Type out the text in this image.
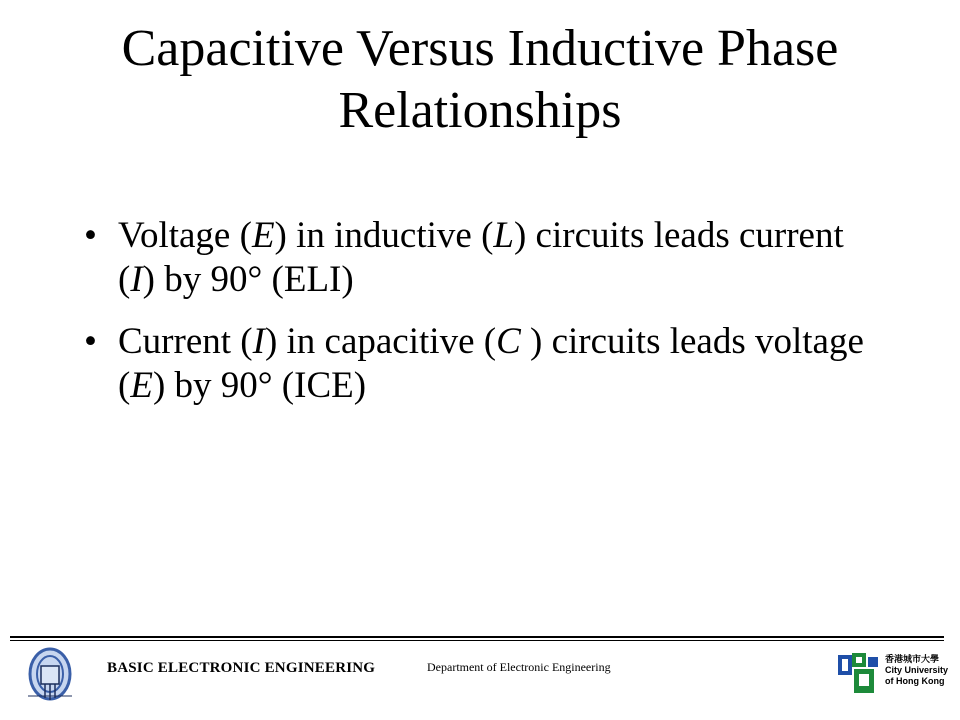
Capacitive Versus Inductive Phase
Relationships
• Voltage (E) in inductive (L) circuits leads current (I) by 90° (ELI)
• Current (I) in capacitive (C ) circuits leads voltage (E) by 90° (ICE)
BASIC ELECTRONIC ENGINEERING	Department of Electronic Engineering
香港城市大學
City University
of Hong Kong
